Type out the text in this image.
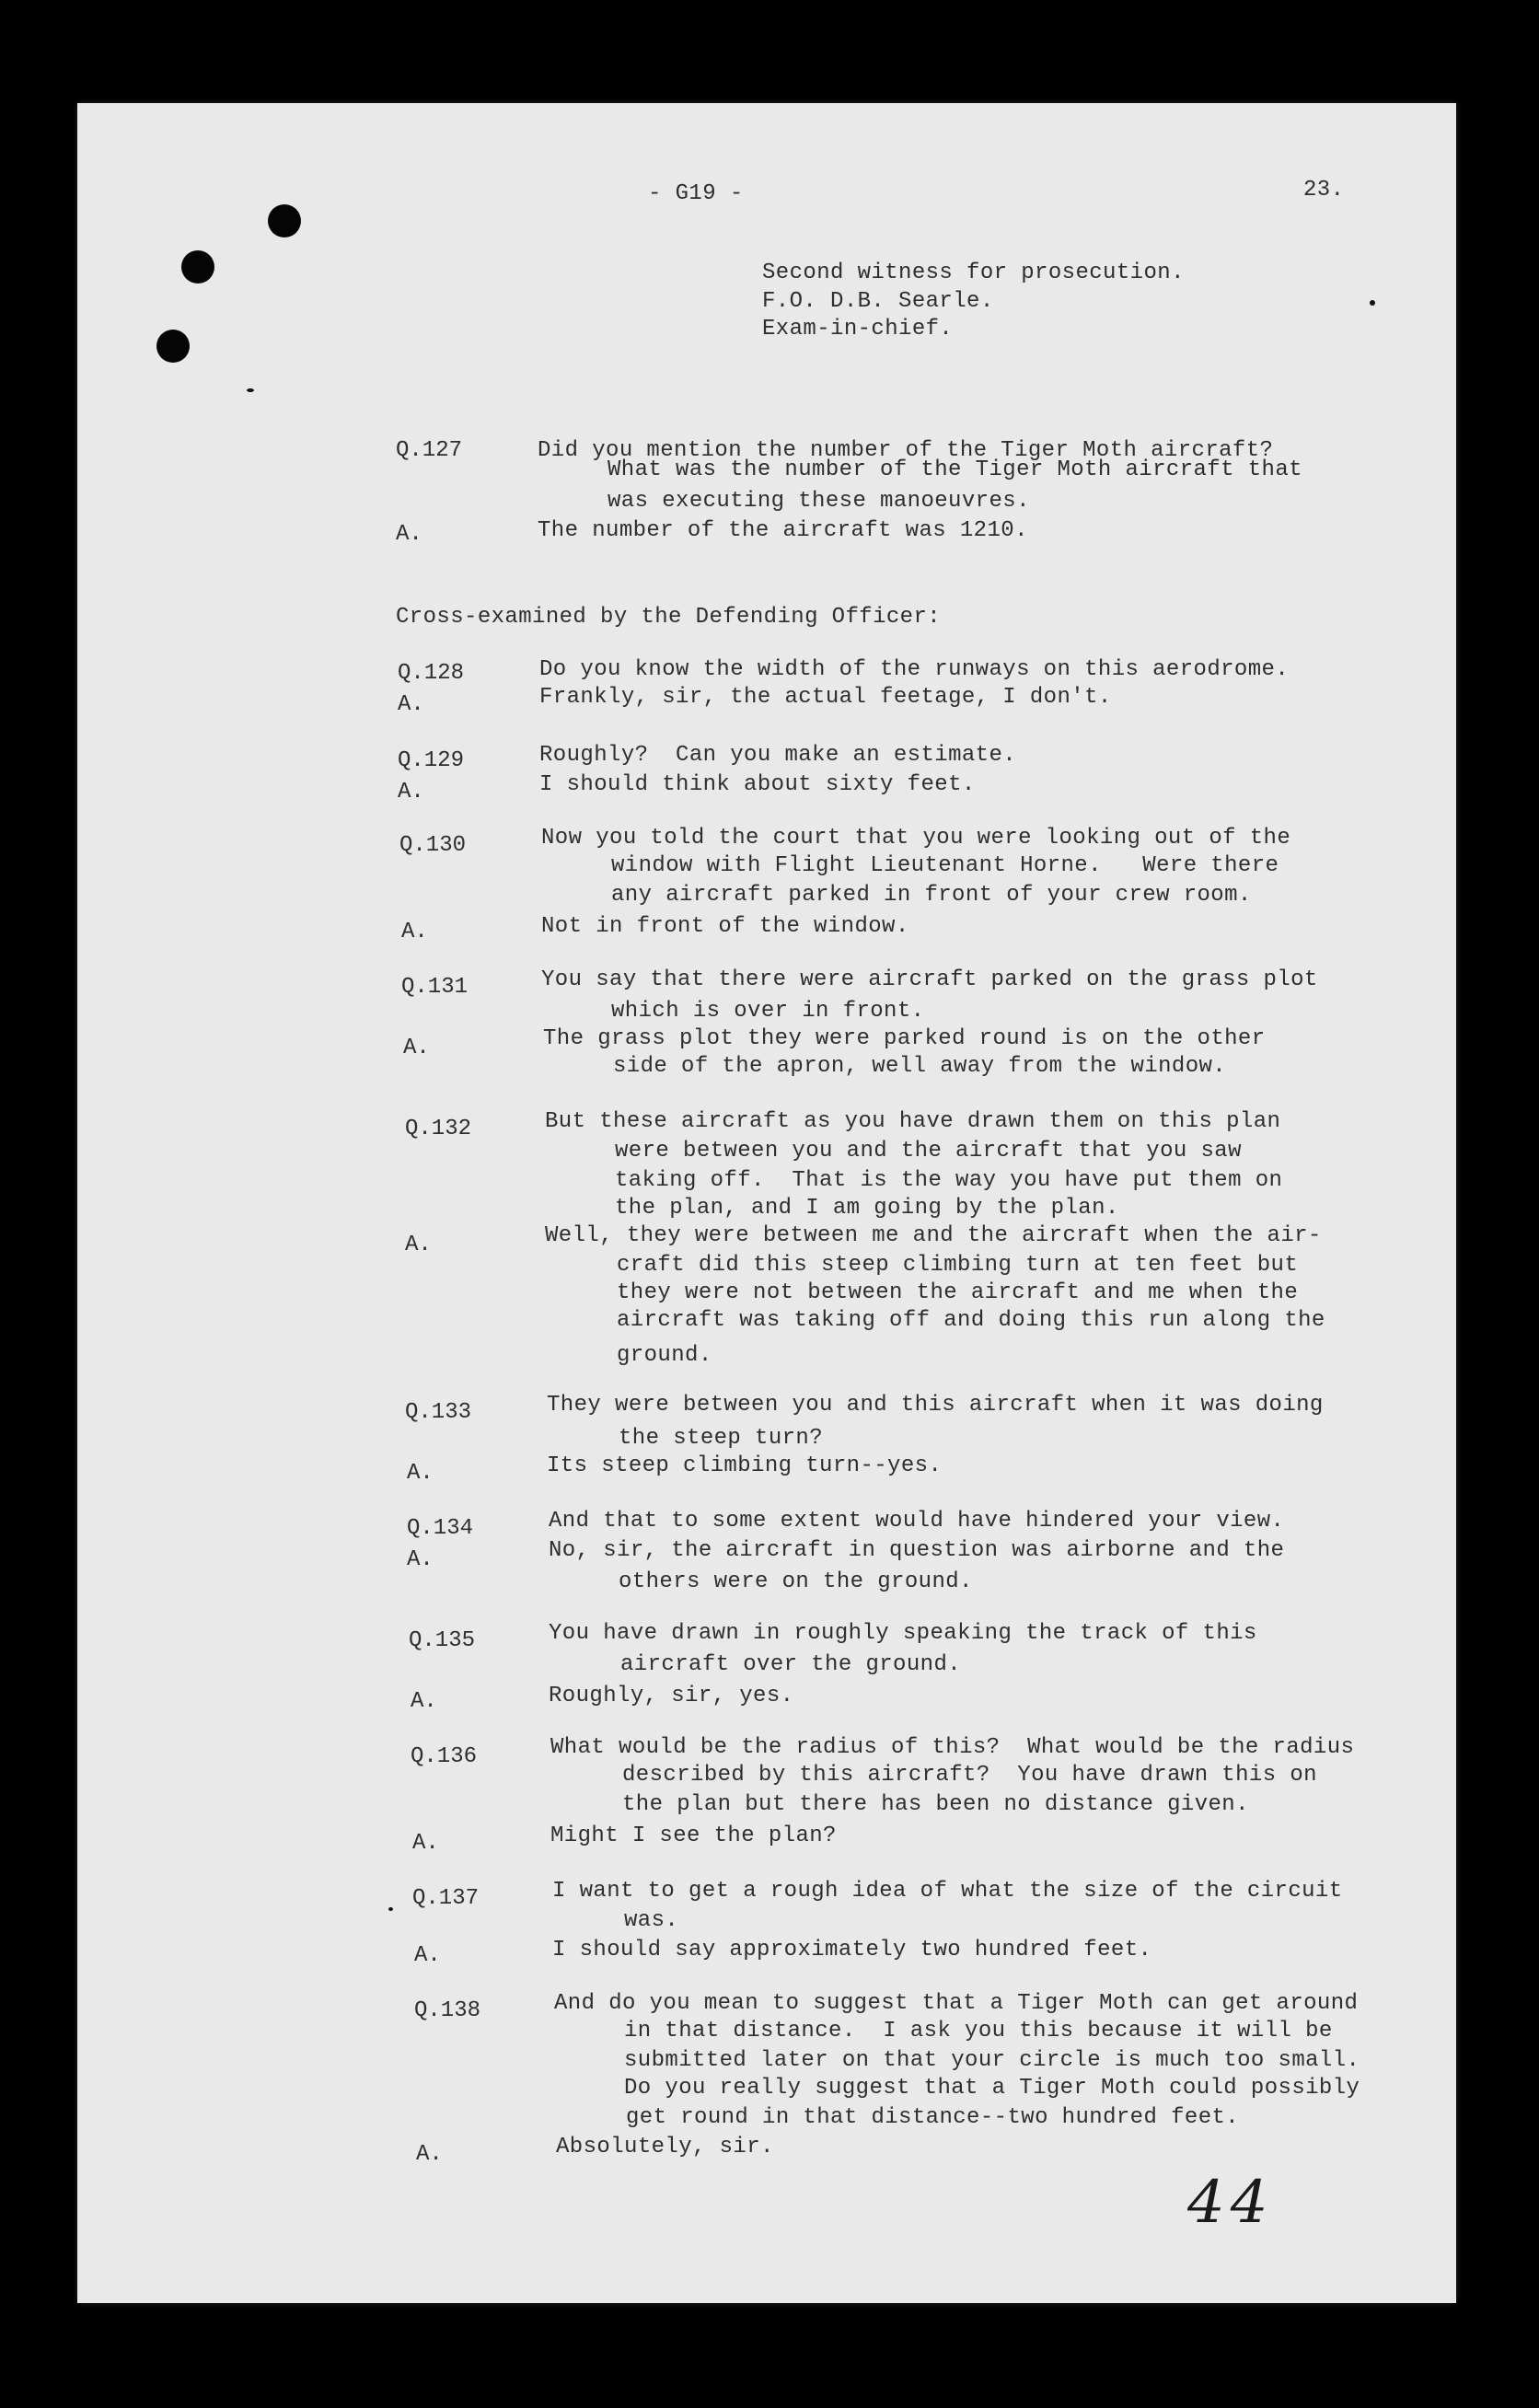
- G19 -	23.
Second witness for prosecution.
F.O. D.B. Searle.
Exam-in-chief.
Q.127	Did you mention the number of the Tiger Moth aircraft?
What was the number of the Tiger Moth aircraft that
was executing these manoeuvres.
A.	The number of the aircraft was 1210.
Cross-examined by the Defending Officer:
Q.128	Do you know the width of the runways on this aerodrome.
A.	Frankly, sir, the actual feetage, I don't.
Q.129	Roughly?  Can you make an estimate.
A.	I should think about sixty feet.
Q.130	Now you told the court that you were looking out of the
window with Flight Lieutenant Horne.   Were there
any aircraft parked in front of your crew room.
A.	Not in front of the window.
Q.131	You say that there were aircraft parked on the grass plot
which is over in front.
A.	The grass plot they were parked round is on the other
side of the apron, well away from the window.
Q.132	But these aircraft as you have drawn them on this plan
were between you and the aircraft that you saw
taking off.  That is the way you have put them on
the plan, and I am going by the plan.
A.	Well, they were between me and the aircraft when the air-
craft did this steep climbing turn at ten feet but
they were not between the aircraft and me when the
aircraft was taking off and doing this run along the
ground.
Q.133	They were between you and this aircraft when it was doing
the steep turn?
A.	Its steep climbing turn--yes.
Q.134	And that to some extent would have hindered your view.
A.	No, sir, the aircraft in question was airborne and the
others were on the ground.
Q.135	You have drawn in roughly speaking the track of this
aircraft over the ground.
A.	Roughly, sir, yes.
Q.136	What would be the radius of this?  What would be the radius
described by this aircraft?  You have drawn this on
the plan but there has been no distance given.
A.	Might I see the plan?
Q.137	I want to get a rough idea of what the size of the circuit
was.
A.	I should say approximately two hundred feet.
Q.138	And do you mean to suggest that a Tiger Moth can get around
in that distance.  I ask you this because it will be
submitted later on that your circle is much too small.
Do you really suggest that a Tiger Moth could possibly
get round in that distance--two hundred feet.
A.	Absolutely, sir.
44
